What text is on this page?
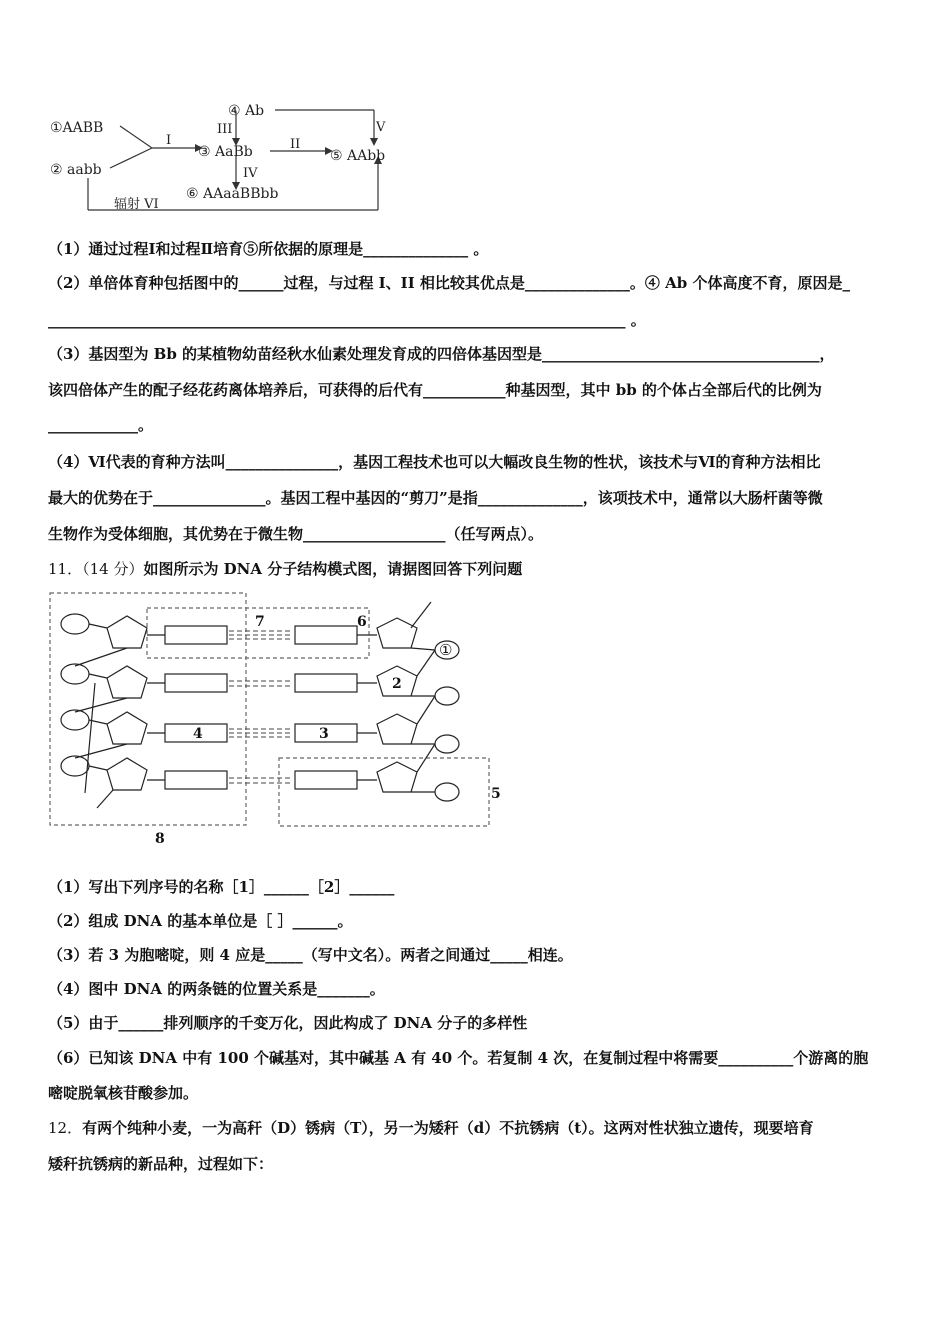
①AABB
② aabb
③ AaBb
④ Ab
⑤ AAbb
⑥ AAaaBBbb
I	II
III
IV
V
辐射 VI
（1）通过过程Ⅰ和过程Ⅱ培育⑤所依据的原理是______________ 。
（2）单倍体育种包括图中的______过程，与过程 I、II 相比较其优点是______________。④ Ab 个体高度不育，原因是_
_____________________________________________________________________________ 。
（3）基因型为 Bb 的某植物幼苗经秋水仙素处理发育成的四倍体基因型是_____________________________________，
该四倍体产生的配子经花药离体培养后，可获得的后代有___________种基因型，其中 bb 的个体占全部后代的比例为
____________。
（4）Ⅵ代表的育种方法叫_______________，基因工程技术也可以大幅改良生物的性状，该技术与Ⅵ的育种方法相比
最大的优势在于_______________。基因工程中基因的“剪刀”是指______________，该项技术中，通常以大肠杆菌等微
生物作为受体细胞，其优势在于微生物___________________（任写两点）。
11．（14 分）如图所示为 DNA 分子结构模式图，请据图回答下列问题
4	3
2
7	6
5
8
①
（1）写出下列序号的名称［1］______［2］______
（2）组成 DNA 的基本单位是［ ］______。
（3）若 3 为胞嘧啶，则 4 应是_____（写中文名）。两者之间通过_____相连。
（4）图中 DNA 的两条链的位置关系是_______。
（5）由于______排列顺序的千变万化，因此构成了 DNA 分子的多样性
（6）已知该 DNA 中有 100 个碱基对，其中碱基 A 有 40 个。若复制 4 次，在复制过程中将需要__________个游离的胞
嘧啶脱氧核苷酸参加。
12．有两个纯种小麦，一为高秆（D）锈病（T），另一为矮秆（d）不抗锈病（t）。这两对性状独立遗传，现要培育
矮秆抗锈病的新品种，过程如下：
